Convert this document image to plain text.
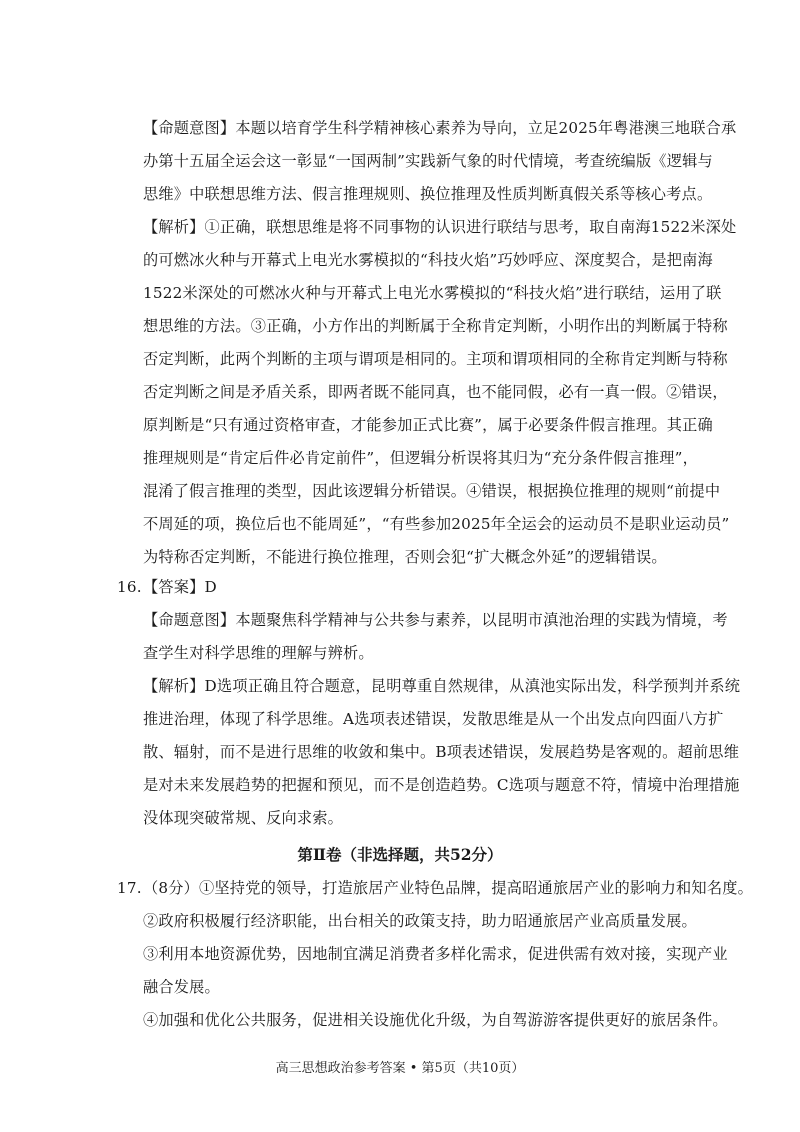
【命题意图】本题以培育学生科学精神核心素养为导向，立足2025年粤港澳三地联合承
办第十五届全运会这一彰显“一国两制”实践新气象的时代情境，考查统编版《逻辑与
思维》中联想思维方法、假言推理规则、换位推理及性质判断真假关系等核心考点。
【解析】①正确，联想思维是将不同事物的认识进行联结与思考，取自南海1522米深处
的可燃冰火种与开幕式上电光水雾模拟的“科技火焰”巧妙呼应、深度契合，是把南海
1522米深处的可燃冰火种与开幕式上电光水雾模拟的“科技火焰”进行联结，运用了联
想思维的方法。③正确，小方作出的判断属于全称肯定判断，小明作出的判断属于特称
否定判断，此两个判断的主项与谓项是相同的。主项和谓项相同的全称肯定判断与特称
否定判断之间是矛盾关系，即两者既不能同真，也不能同假，必有一真一假。②错误，
原判断是“只有通过资格审查，才能参加正式比赛”，属于必要条件假言推理。其正确
推理规则是“肯定后件必肯定前件”，但逻辑分析误将其归为“充分条件假言推理”，
混淆了假言推理的类型，因此该逻辑分析错误。④错误，根据换位推理的规则“前提中
不周延的项，换位后也不能周延”，“有些参加2025年全运会的运动员不是职业运动员”
为特称否定判断，不能进行换位推理，否则会犯“扩大概念外延”的逻辑错误。
16. 【答案】D
【命题意图】本题聚焦科学精神与公共参与素养，以昆明市滇池治理的实践为情境，考
查学生对科学思维的理解与辨析。
【解析】D选项正确且符合题意，昆明尊重自然规律，从滇池实际出发，科学预判并系统
推进治理，体现了科学思维。A选项表述错误，发散思维是从一个出发点向四面八方扩
散、辐射，而不是进行思维的收敛和集中。B项表述错误，发展趋势是客观的。超前思维
是对未来发展趋势的把握和预见，而不是创造趋势。C选项与题意不符，情境中治理措施
没体现突破常规、反向求索。
第Ⅱ卷（非选择题，共52分）
17. （8分）①坚持党的领导，打造旅居产业特色品牌，提高昭通旅居产业的影响力和知名度。
②政府积极履行经济职能，出台相关的政策支持，助力昭通旅居产业高质量发展。
③利用本地资源优势，因地制宜满足消费者多样化需求，促进供需有效对接，实现产业
融合发展。
④加强和优化公共服务，促进相关设施优化升级，为自驾游游客提供更好的旅居条件。
高三思想政治参考答案 • 第5页（共10页）
